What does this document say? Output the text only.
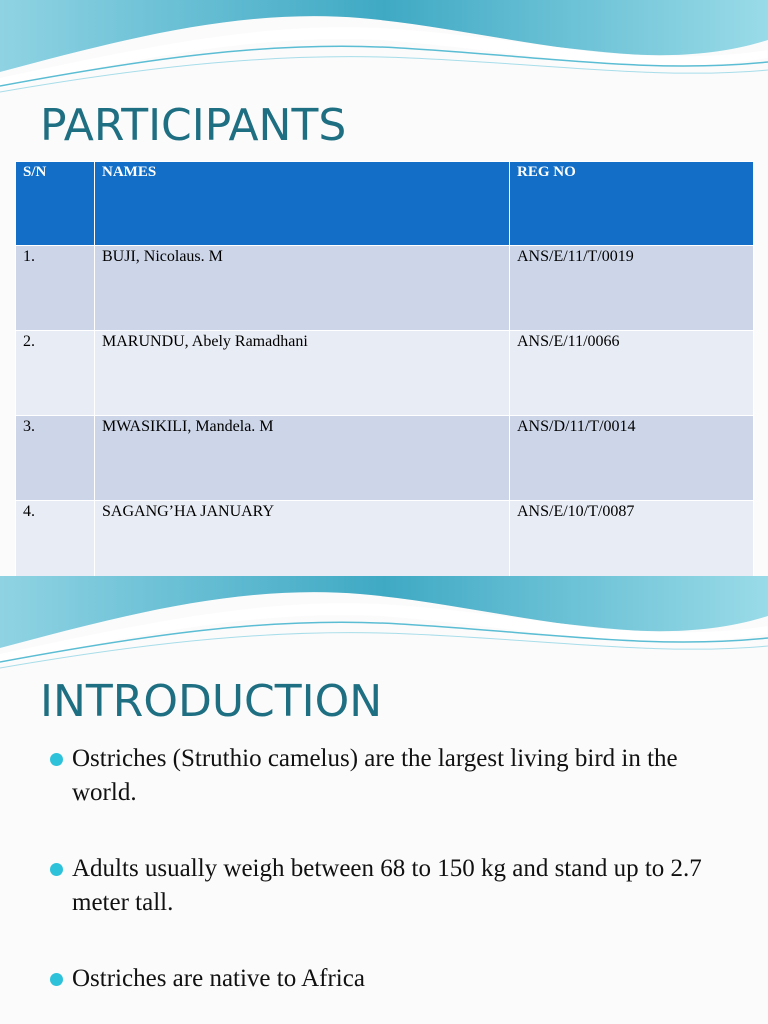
PARTICIPANTS
S/N	NAMES	REG NO
1.	BUJI, Nicolaus. M	ANS/E/11/T/0019
2.	MARUNDU, Abely Ramadhani	ANS/E/11/0066
3.	MWASIKILI, Mandela. M	ANS/D/11/T/0014
4.	SAGANG’HA JANUARY	ANS/E/10/T/0087
INTRODUCTION
Ostriches (Struthio camelus) are the largest living bird in the world.
Adults usually weigh between 68 to 150 kg and stand up to 2.7 meter tall.
Ostriches are native to Africa
